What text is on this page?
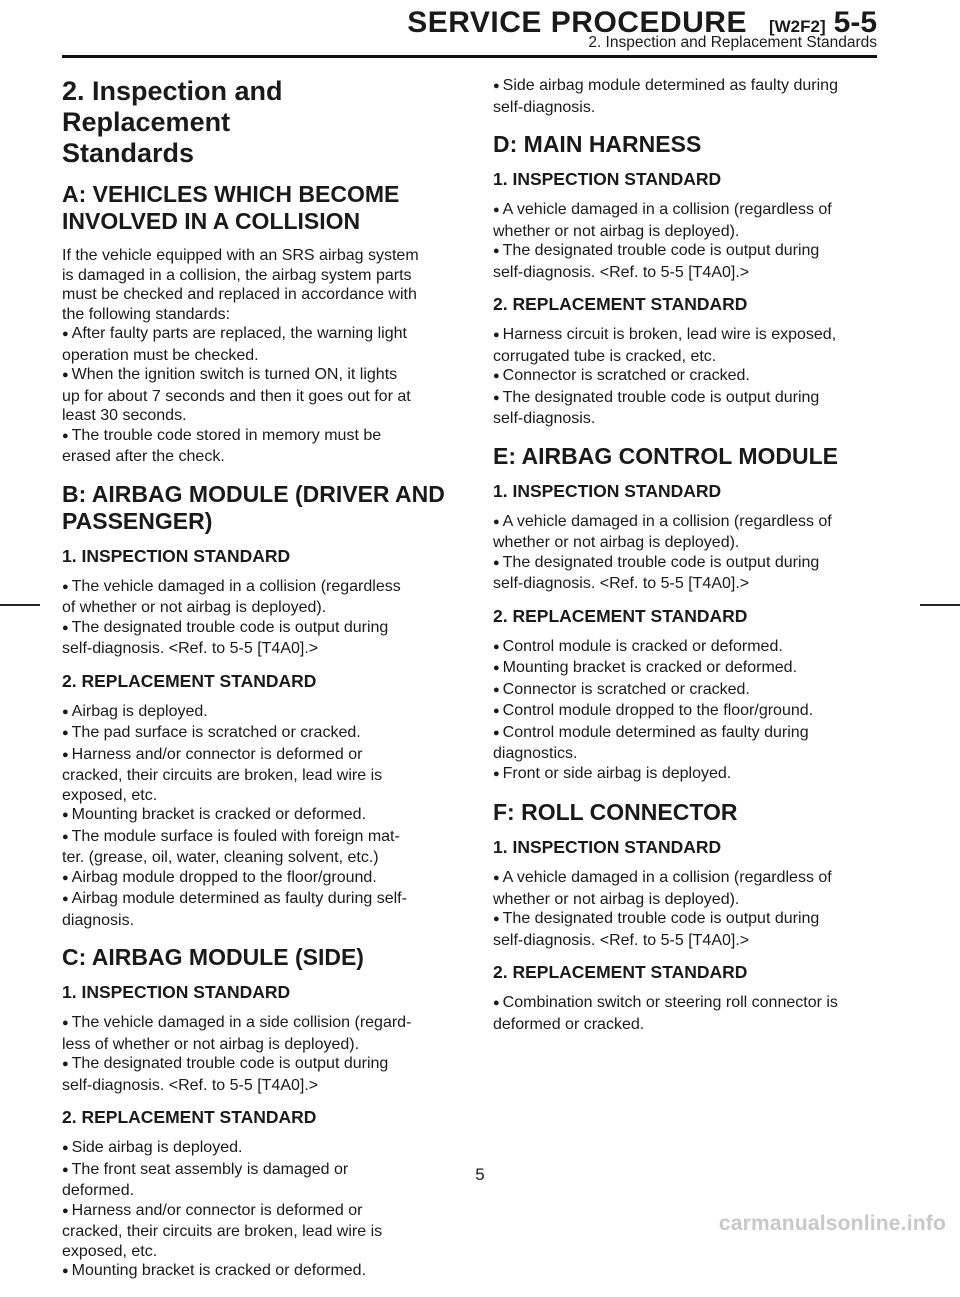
SERVICE PROCEDURE [W2F2] 5-5
2. Inspection and Replacement Standards
2. Inspection and Replacement
Standards
A: VEHICLES WHICH BECOME
INVOLVED IN A COLLISION
If the vehicle equipped with an SRS airbag system
is damaged in a collision, the airbag system parts
must be checked and replaced in accordance with
the following standards:
● After faulty parts are replaced, the warning light
operation must be checked.
● When the ignition switch is turned ON, it lights
up for about 7 seconds and then it goes out for at
least 30 seconds.
● The trouble code stored in memory must be
erased after the check.
B: AIRBAG MODULE (DRIVER AND
PASSENGER)
1. INSPECTION STANDARD
● The vehicle damaged in a collision (regardless
of whether or not airbag is deployed).
● The designated trouble code is output during
self-diagnosis. <Ref. to 5-5 [T4A0].>
2. REPLACEMENT STANDARD
● Airbag is deployed.
● The pad surface is scratched or cracked.
● Harness and/or connector is deformed or
cracked, their circuits are broken, lead wire is
exposed, etc.
● Mounting bracket is cracked or deformed.
● The module surface is fouled with foreign mat-
ter. (grease, oil, water, cleaning solvent, etc.)
● Airbag module dropped to the floor/ground.
● Airbag module determined as faulty during self-
diagnosis.
C: AIRBAG MODULE (SIDE)
1. INSPECTION STANDARD
● The vehicle damaged in a side collision (regard-
less of whether or not airbag is deployed).
● The designated trouble code is output during
self-diagnosis. <Ref. to 5-5 [T4A0].>
2. REPLACEMENT STANDARD
● Side airbag is deployed.
● The front seat assembly is damaged or
deformed.
● Harness and/or connector is deformed or
cracked, their circuits are broken, lead wire is
exposed, etc.
● Mounting bracket is cracked or deformed.
● Side airbag module determined as faulty during
self-diagnosis.
D: MAIN HARNESS
1. INSPECTION STANDARD
● A vehicle damaged in a collision (regardless of
whether or not airbag is deployed).
● The designated trouble code is output during
self-diagnosis. <Ref. to 5-5 [T4A0].>
2. REPLACEMENT STANDARD
● Harness circuit is broken, lead wire is exposed,
corrugated tube is cracked, etc.
● Connector is scratched or cracked.
● The designated trouble code is output during
self-diagnosis.
E: AIRBAG CONTROL MODULE
1. INSPECTION STANDARD
● A vehicle damaged in a collision (regardless of
whether or not airbag is deployed).
● The designated trouble code is output during
self-diagnosis. <Ref. to 5-5 [T4A0].>
2. REPLACEMENT STANDARD
● Control module is cracked or deformed.
● Mounting bracket is cracked or deformed.
● Connector is scratched or cracked.
● Control module dropped to the floor/ground.
● Control module determined as faulty during
diagnostics.
● Front or side airbag is deployed.
F: ROLL CONNECTOR
1. INSPECTION STANDARD
● A vehicle damaged in a collision (regardless of
whether or not airbag is deployed).
● The designated trouble code is output during
self-diagnosis. <Ref. to 5-5 [T4A0].>
2. REPLACEMENT STANDARD
● Combination switch or steering roll connector is
deformed or cracked.
5
carmanualsonline.info
